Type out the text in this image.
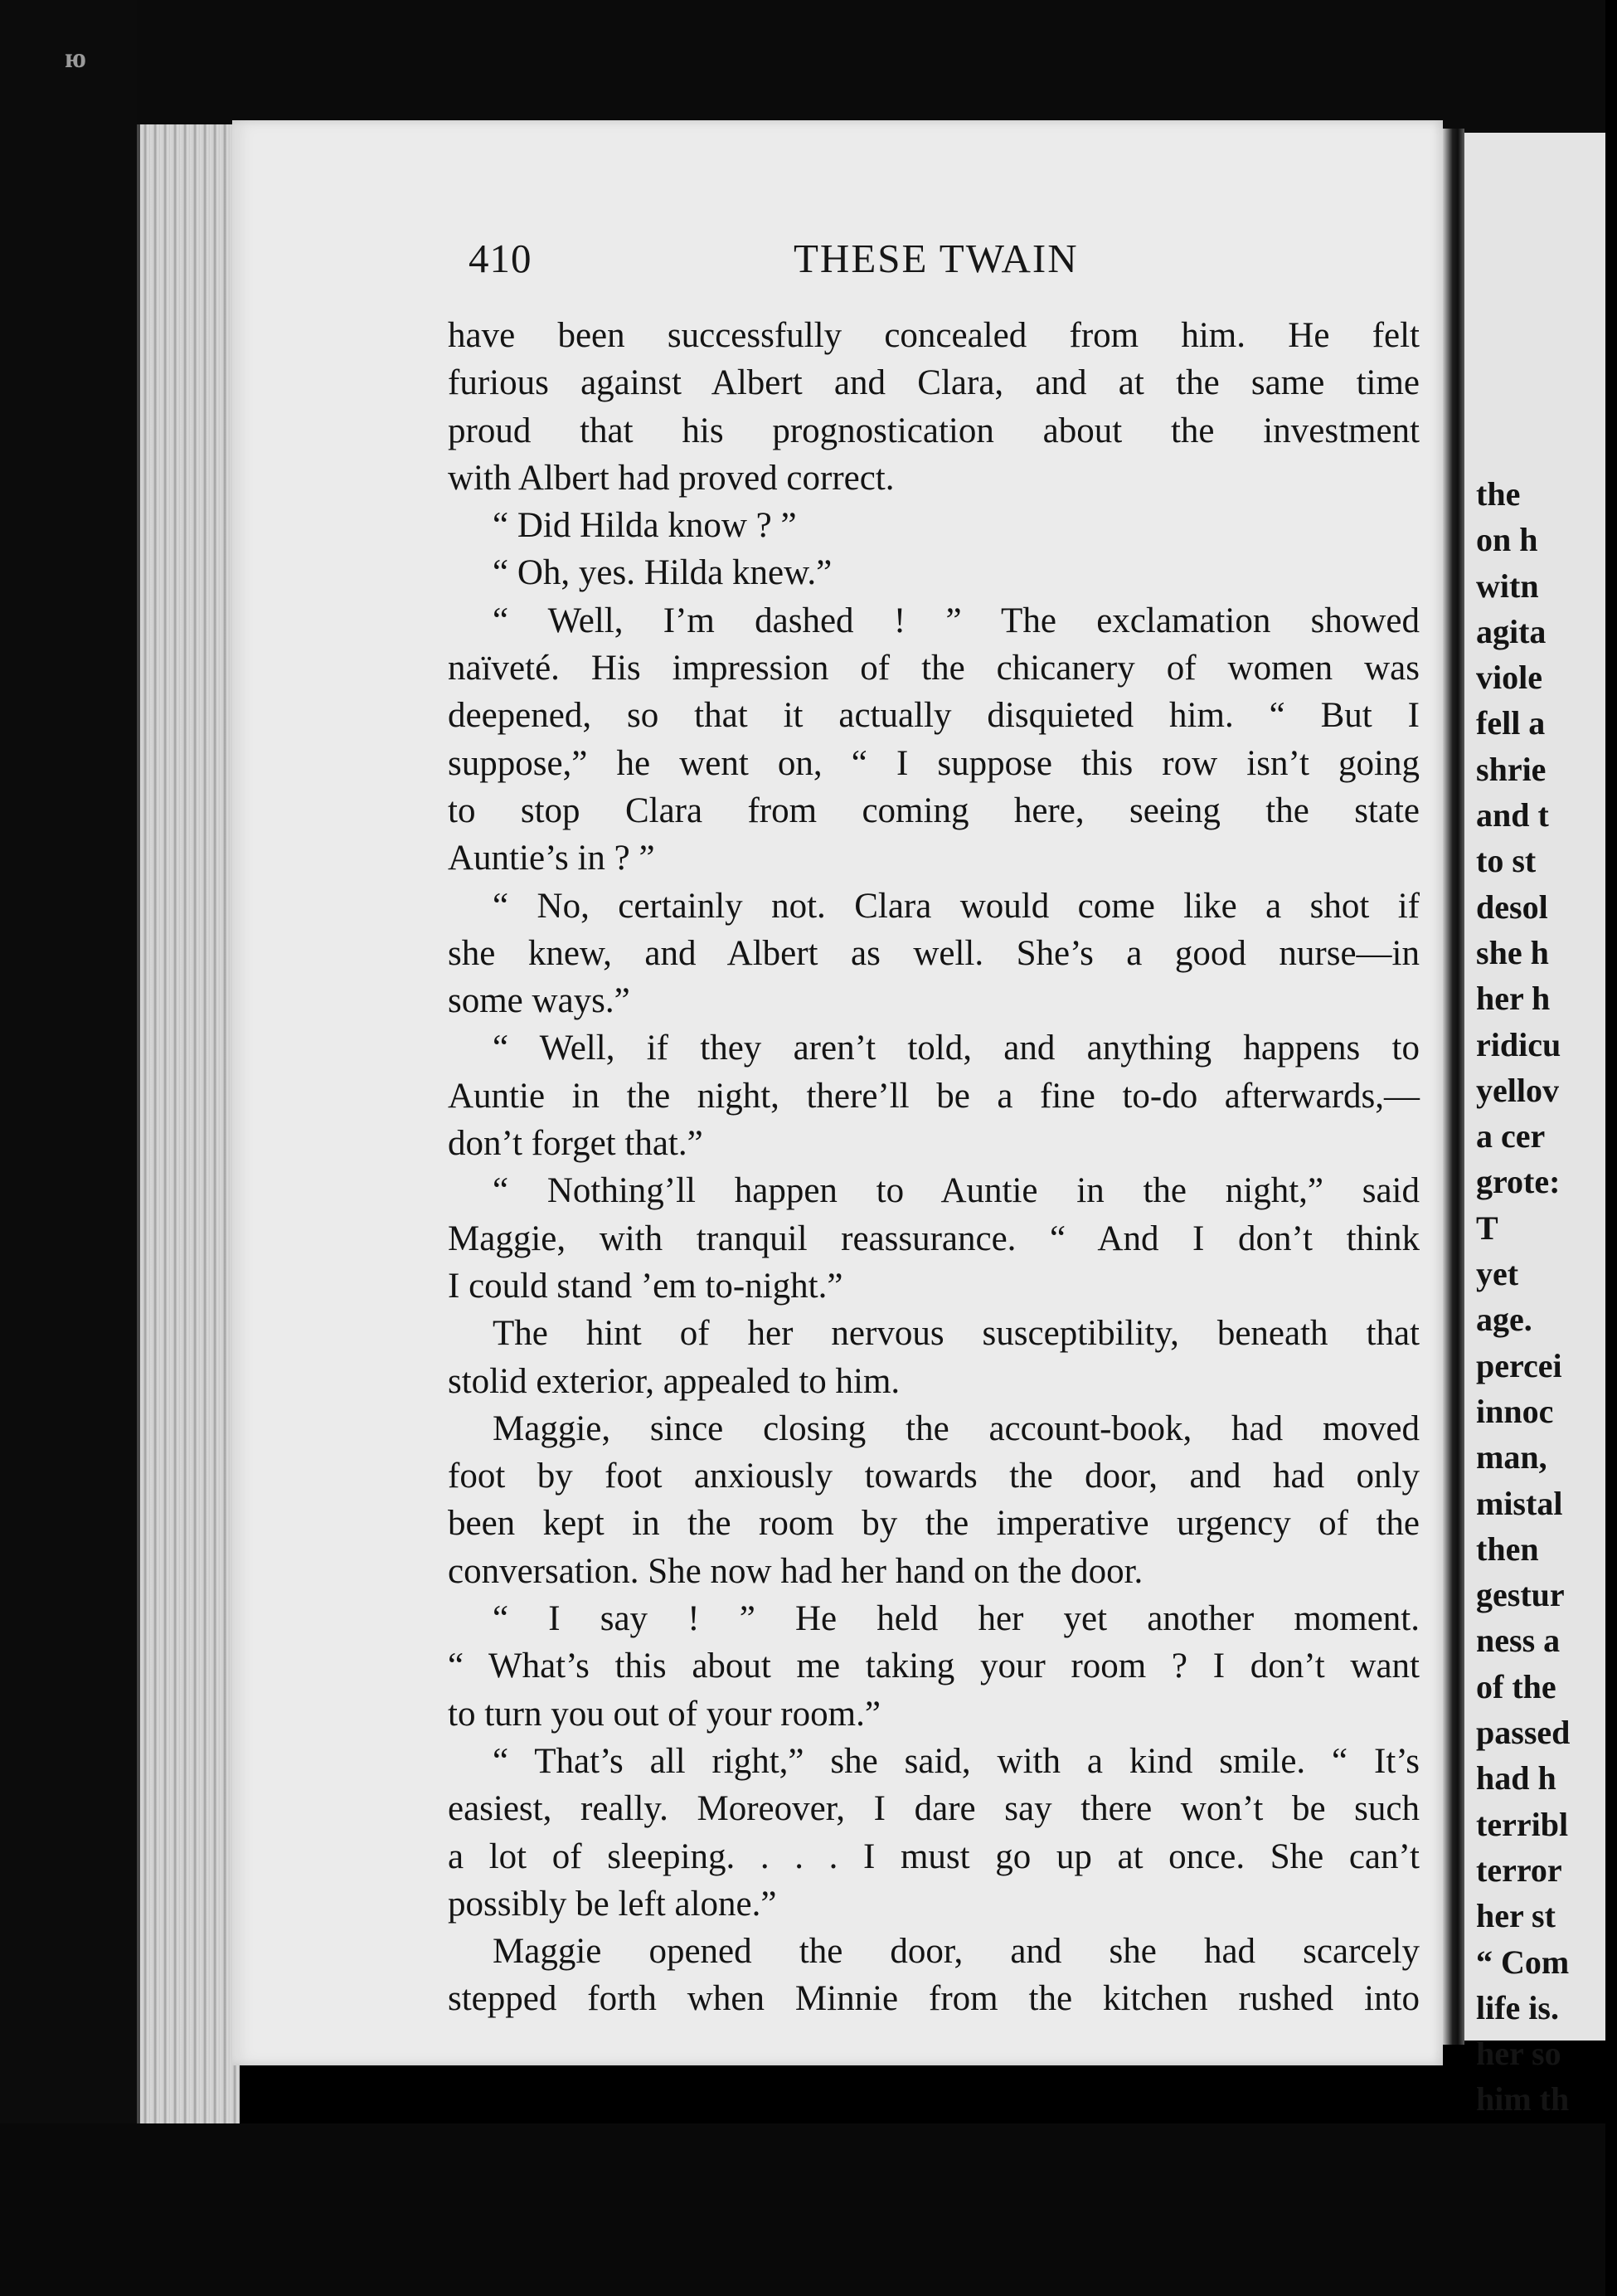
ю
410	THESE TWAIN
have been successfully concealed from him. He felt
furious against Albert and Clara, and at the same time
proud that his prognostication about the investment
with Albert had proved correct.
“ Did Hilda know ? ”
“ Oh, yes. Hilda knew.”
“ Well, I’m dashed ! ” The exclamation showed
naïveté. His impression of the chicanery of women was
deepened, so that it actually disquieted him. “ But I
suppose,” he went on, “ I suppose this row isn’t going
to stop Clara from coming here, seeing the state
Auntie’s in ? ”
“ No, certainly not. Clara would come like a shot if
she knew, and Albert as well. She’s a good nurse—in
some ways.”
“ Well, if they aren’t told, and anything happens to
Auntie in the night, there’ll be a fine to-do afterwards,—
don’t forget that.”
“ Nothing’ll happen to Auntie in the night,” said
Maggie, with tranquil reassurance. “ And I don’t think
I could stand ’em to-night.”
The hint of her nervous susceptibility, beneath that
stolid exterior, appealed to him.
Maggie, since closing the account-book, had moved
foot by foot anxiously towards the door, and had only
been kept in the room by the imperative urgency of the
conversation. She now had her hand on the door.
“ I say ! ” He held her yet another moment.
“ What’s this about me taking your room ? I don’t want
to turn you out of your room.”
“ That’s all right,” she said, with a kind smile. “ It’s
easiest, really. Moreover, I dare say there won’t be such
a lot of sleeping. . . . I must go up at once. She can’t
possibly be left alone.”
Maggie opened the door, and she had scarcely
stepped forth when Minnie from the kitchen rushed into
the
on h
witn
agita
viole
fell a
shrie
and t
to st
desol
she h
her h
ridicu
yellov
a cer
grote:
T
yet
age.
percei
innoc
man,
mistal
then
gestur
ness a
of the
passed
had h
terribl
terror
her st
“ Com
life is.
her so
him th
